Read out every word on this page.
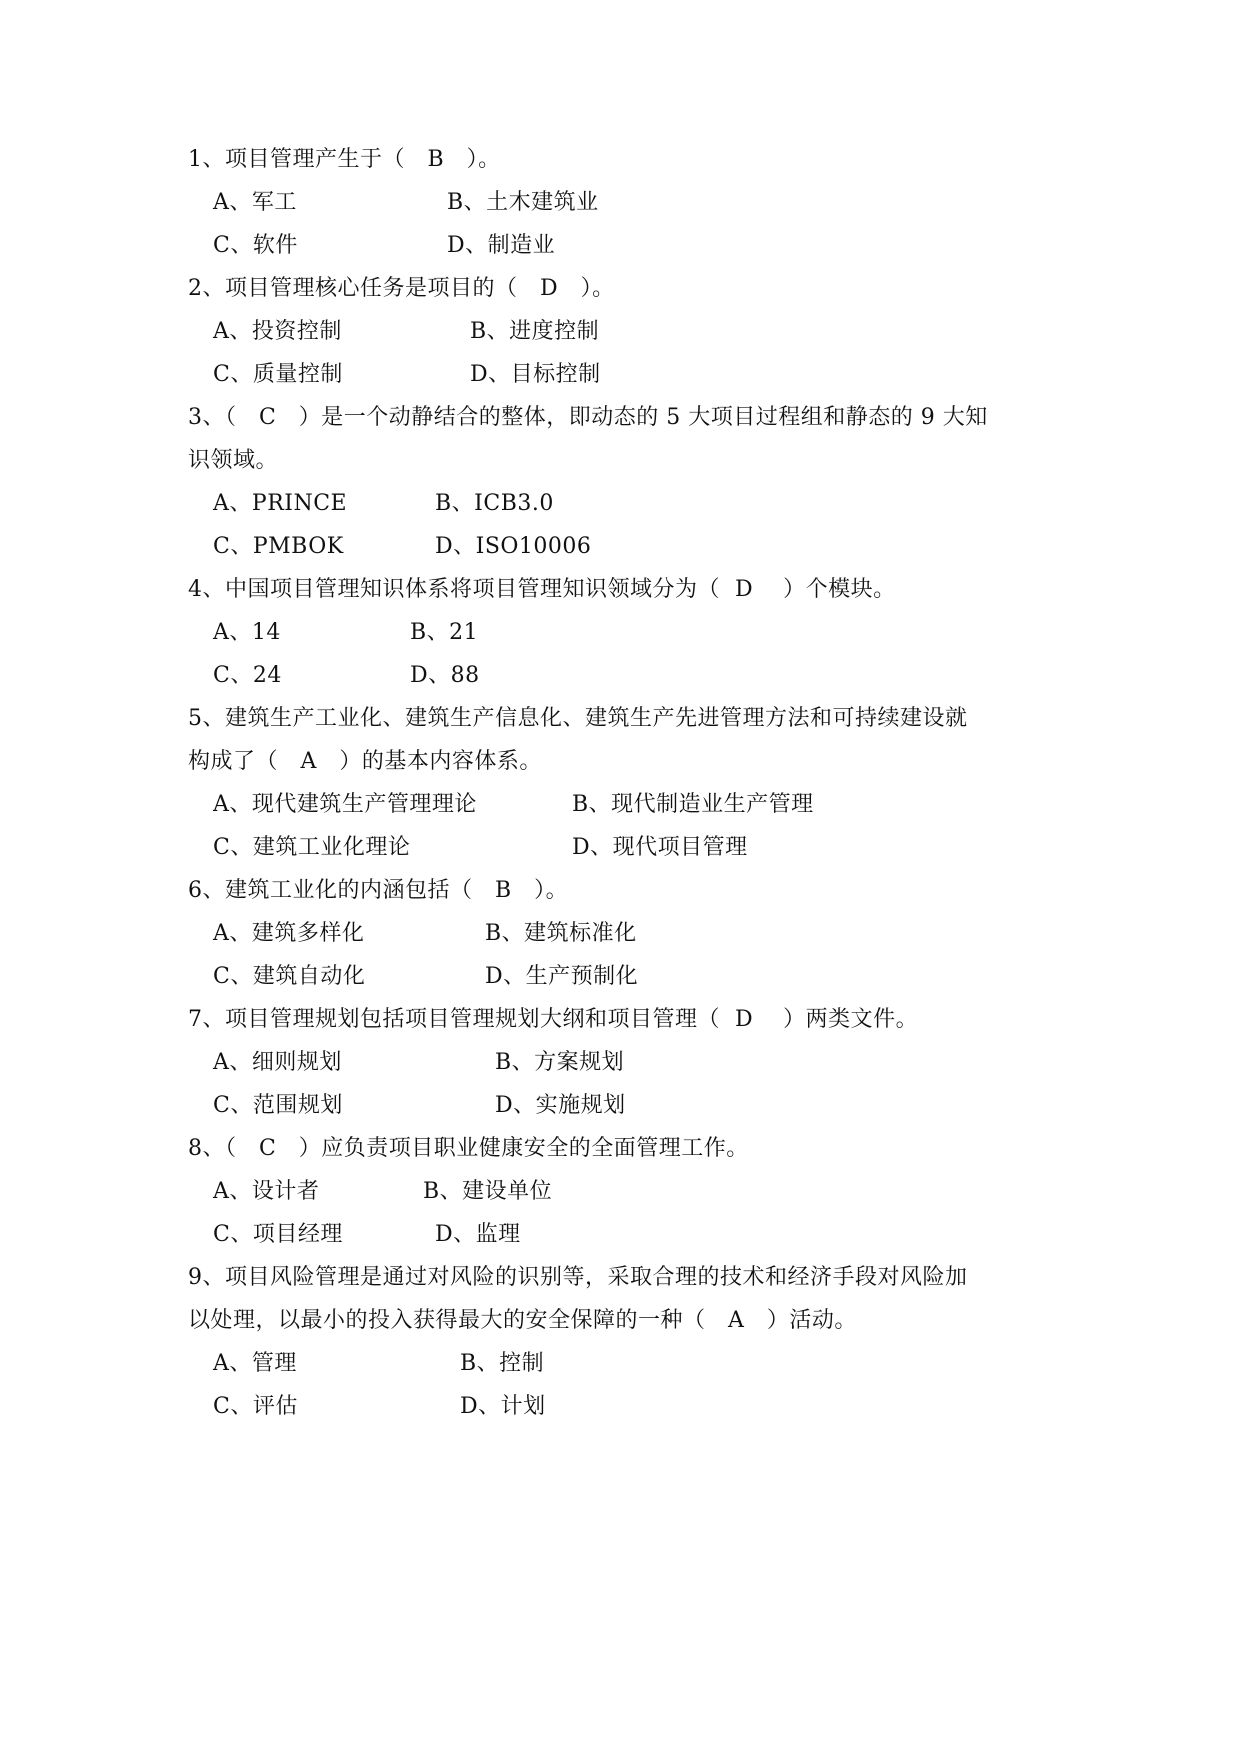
1、项目管理产生于（   B   ）。
A、军工	B、土木建筑业
C、软件	D、制造业
2、项目管理核心任务是项目的（   D   ）。
A、投资控制	B、进度控制
C、质量控制	D、目标控制
3、（   C   ）是一个动静结合的整体，即动态的 5 大项目过程组和静态的 9 大知
识领域。
A、PRINCE	B、ICB3.0
C、PMBOK	D、ISO10006
4、中国项目管理知识体系将项目管理知识领域分为（  D    ）个模块。
A、14	B、21
C、24	D、88
5、建筑生产工业化、建筑生产信息化、建筑生产先进管理方法和可持续建设就
构成了（   A   ）的基本内容体系。
A、现代建筑生产管理理论	B、现代制造业生产管理
C、建筑工业化理论	D、现代项目管理
6、建筑工业化的内涵包括（   B   ）。
A、建筑多样化	B、建筑标准化
C、建筑自动化	D、生产预制化
7、项目管理规划包括项目管理规划大纲和项目管理（  D    ）两类文件。
A、细则规划	B、方案规划
C、范围规划	D、实施规划
8、（   C   ）应负责项目职业健康安全的全面管理工作。
A、设计者	B、建设单位
C、项目经理	D、监理
9、项目风险管理是通过对风险的识别等，采取合理的技术和经济手段对风险加
以处理，以最小的投入获得最大的安全保障的一种（   A   ）活动。
A、管理	B、控制
C、评估	D、计划
